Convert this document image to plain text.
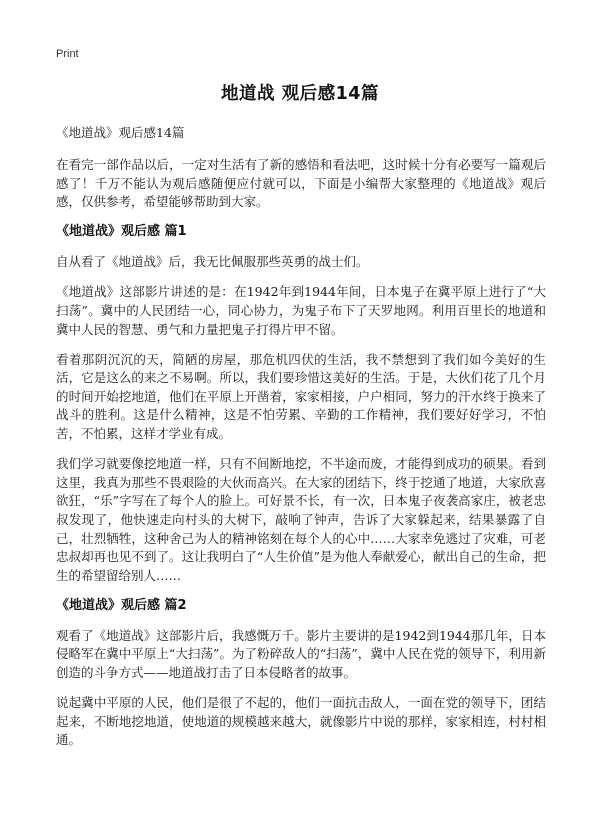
Print
地道战 观后感14篇
《地道战》观后感14篇

在看完一部作品以后，一定对生活有了新的感悟和看法吧，这时候十分有必要写一篇观后感了！千万不能认为观后感随便应付就可以，下面是小编帮大家整理的《地道战》观后感，仅供参考，希望能够帮助到大家。

《地道战》观后感 篇1

自从看了《地道战》后，我无比佩服那些英勇的战士们。

《地道战》这部影片讲述的是：在1942年到1944年间，日本鬼子在冀平原上进行了“大扫荡”。冀中的人民团结一心，同心协力，为鬼子布下了天罗地网。利用百里长的地道和冀中人民的智慧、勇气和力量把鬼子打得片甲不留。

看着那阴沉沉的天，简陋的房屋，那危机四伏的生活，我不禁想到了我们如今美好的生活，它是这么的来之不易啊。所以，我们要珍惜这美好的生活。于是，大伙们花了几个月的时间开始挖地道，他们在平原上开凿着，家家相接，户户相同，努力的汗水终于换来了战斗的胜利。这是什么精神，这是不怕劳累、辛勤的工作精神，我们要好好学习，不怕苦，不怕累，这样才学业有成。

我们学习就要像挖地道一样，只有不间断地挖，不半途而废，才能得到成功的硕果。看到这里，我真为那些不畏艰险的大伙而高兴。在大家的团结下，终于挖通了地道，大家欣喜欲狂，“乐”字写在了每个人的脸上。可好景不长，有一次，日本鬼子夜袭高家庄，被老忠叔发现了，他快速走向村头的大树下，敲响了钟声，告诉了大家躲起来，结果暴露了自己，壮烈牺牲，这种舍己为人的精神铭刻在每个人的心中……大家幸免逃过了灾难，可老忠叔却再也见不到了。这让我明白了“人生价值”是为他人奉献爱心，献出自己的生命，把生的希望留给别人……

《地道战》观后感 篇2

观看了《地道战》这部影片后，我感慨万千。影片主要讲的是1942到1944那几年，日本侵略军在冀中平原上“大扫荡”。为了粉碎敌人的“扫荡”，冀中人民在党的领导下，利用新创造的斗争方式——地道战打击了日本侵略者的故事。

说起冀中平原的人民，他们是很了不起的，他们一面抗击敌人，一面在党的领导下，团结起来，不断地挖地道，使地道的规模越来越大，就像影片中说的那样，家家相连，村村相通。
